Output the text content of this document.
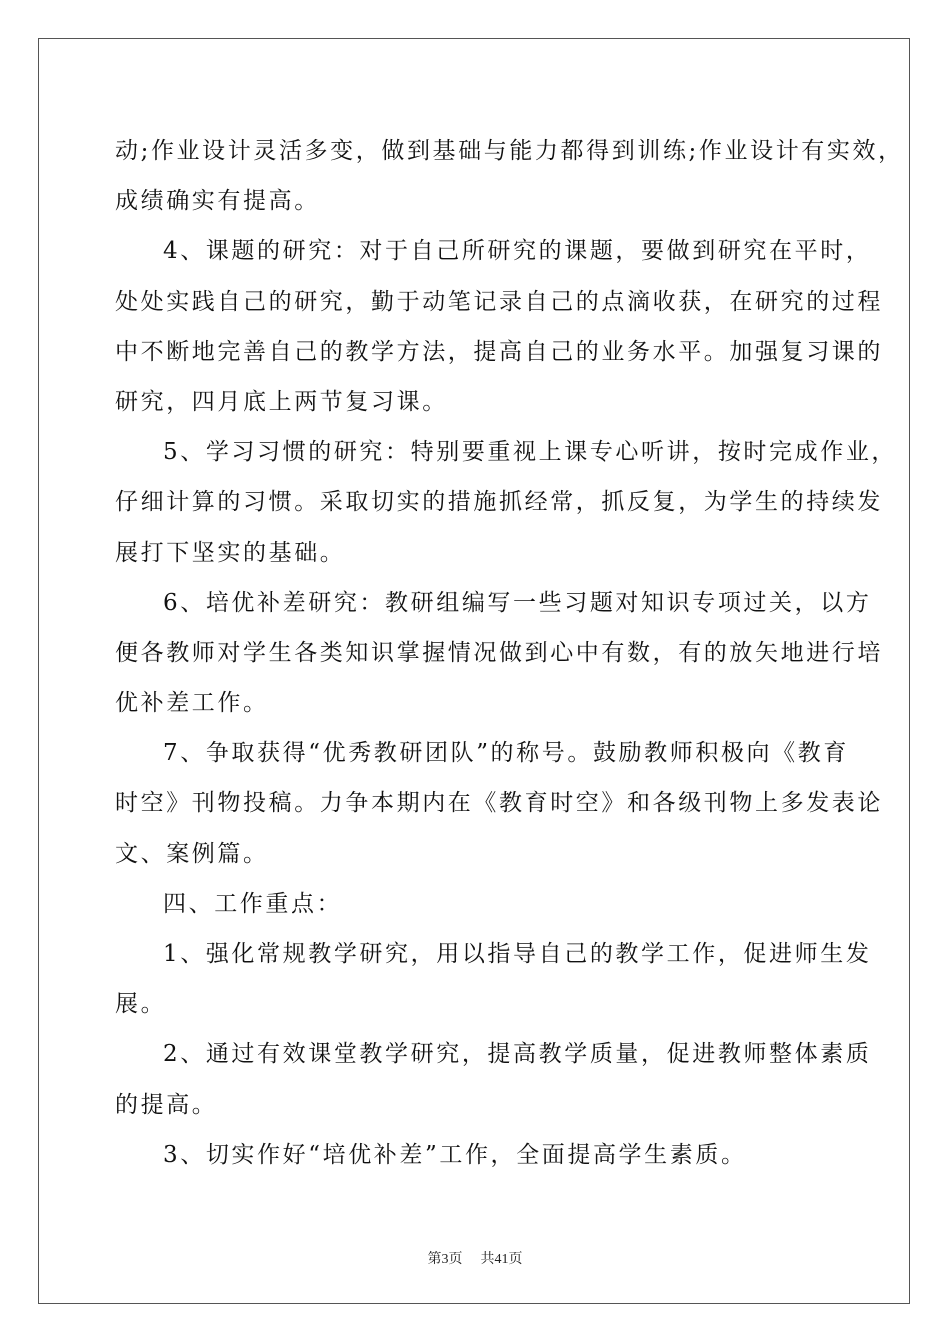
动;作业设计灵活多变，做到基础与能力都得到训练;作业设计有实效，
成绩确实有提高。
4、课题的研究：对于自己所研究的课题，要做到研究在平时，
处处实践自己的研究，勤于动笔记录自己的点滴收获，在研究的过程
中不断地完善自己的教学方法，提高自己的业务水平。加强复习课的
研究，四月底上两节复习课。
5、学习习惯的研究：特别要重视上课专心听讲，按时完成作业，
仔细计算的习惯。采取切实的措施抓经常，抓反复，为学生的持续发
展打下坚实的基础。
6、培优补差研究：教研组编写一些习题对知识专项过关，以方
便各教师对学生各类知识掌握情况做到心中有数，有的放矢地进行培
优补差工作。
7、争取获得“优秀教研团队”的称号。鼓励教师积极向《教育
时空》刊物投稿。力争本期内在《教育时空》和各级刊物上多发表论
文、案例篇。
四、工作重点：
1、强化常规教学研究，用以指导自己的教学工作，促进师生发
展。
2、通过有效课堂教学研究，提高教学质量，促进教师整体素质
的提高。
3、切实作好“培优补差”工作，全面提高学生素质。
第3页 共41页
